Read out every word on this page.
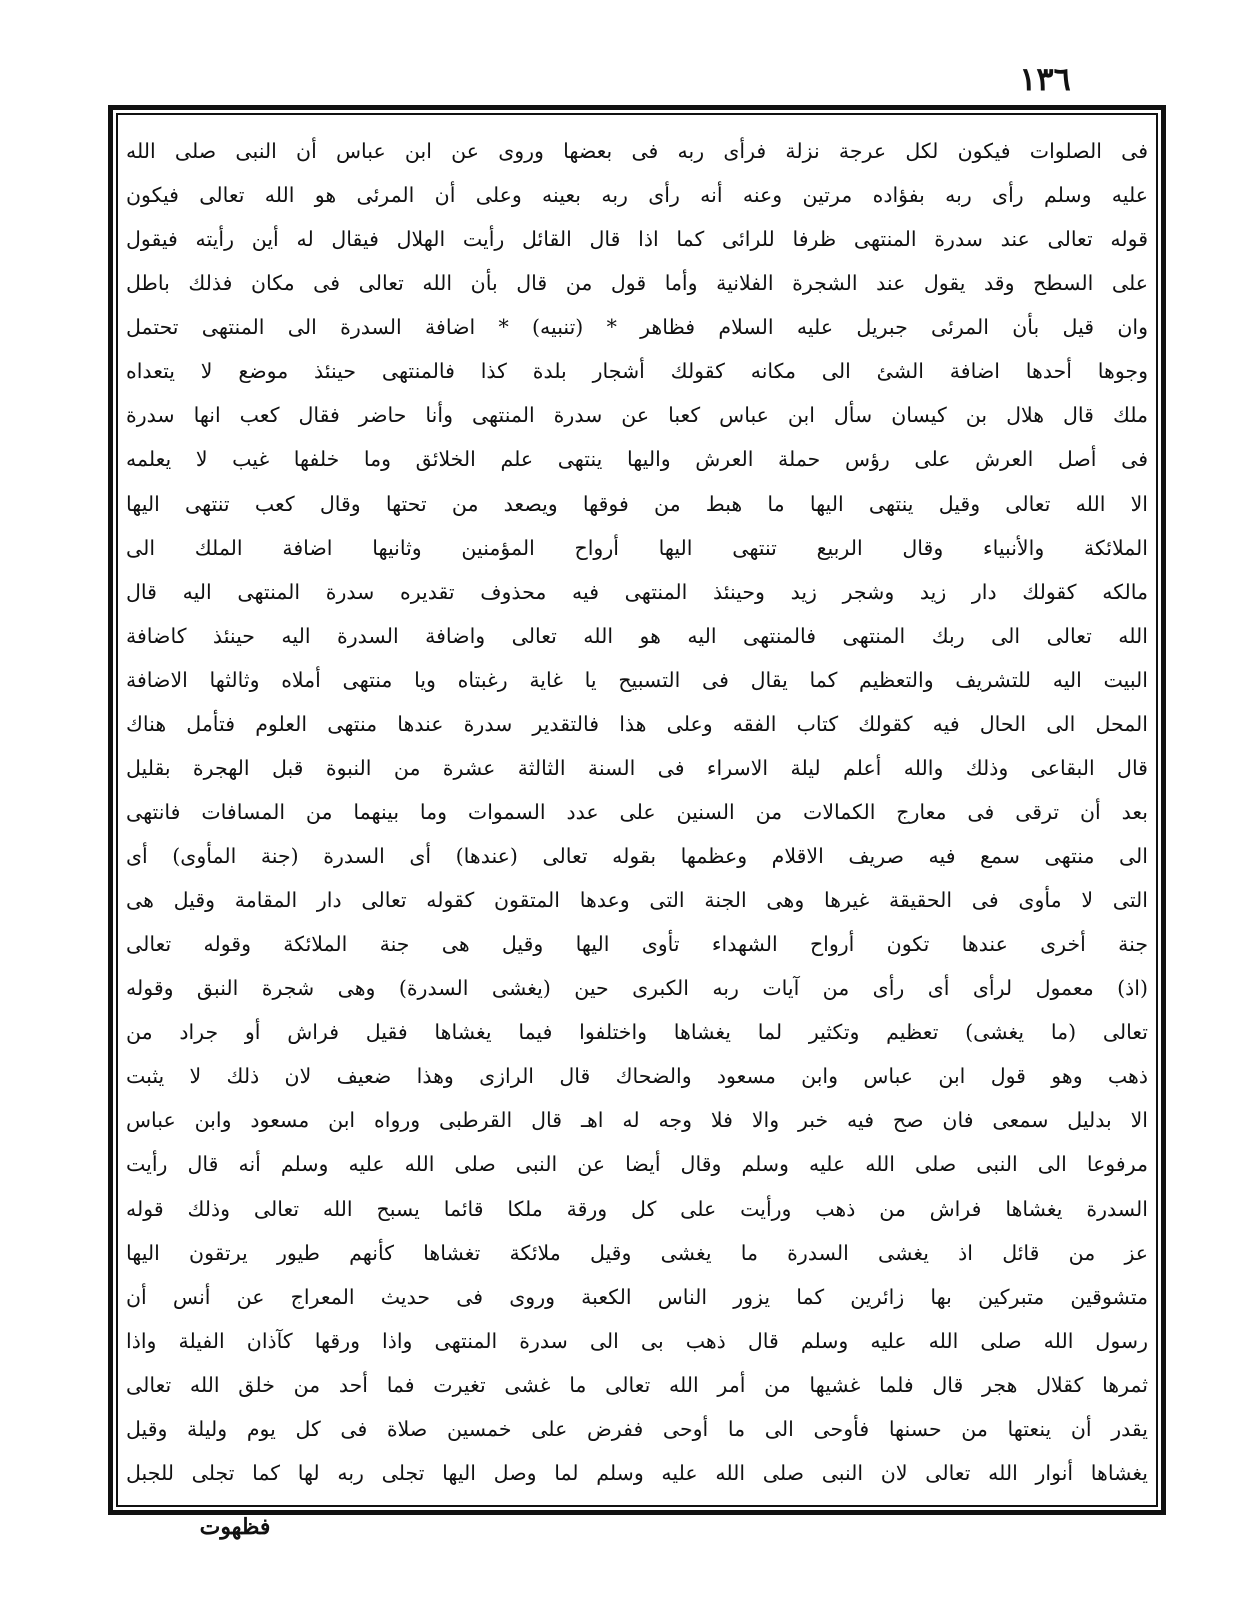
١٣٦
فى الصلوات فيكون لكل عرجة نزلة فرأى ربه فى بعضها وروى عن ابن عباس أن النبى صلى الله
عليه وسلم رأى ربه بفؤاده مرتين وعنه أنه رأى ربه بعينه وعلى أن المرئى هو الله تعالى فيكون
قوله تعالى عند سدرة المنتهى ظرفا للرائى كما اذا قال القائل رأيت الهلال فيقال له أين رأيته فيقول
على السطح وقد يقول عند الشجرة الفلانية وأما قول من قال بأن الله تعالى فى مكان فذلك باطل
وان قيل بأن المرئى جبريل عليه السلام فظاهر * (تنبيه) * اضافة السدرة الى المنتهى تحتمل
وجوها أحدها اضافة الشئ الى مكانه كقولك أشجار بلدة كذا فالمنتهى حينئذ موضع لا يتعداه
ملك قال هلال بن كيسان سأل ابن عباس كعبا عن سدرة المنتهى وأنا حاضر فقال كعب انها سدرة
فى أصل العرش على رؤس حملة العرش واليها ينتهى علم الخلائق وما خلفها غيب لا يعلمه
الا الله تعالى وقيل ينتهى اليها ما هبط من فوقها ويصعد من تحتها وقال كعب تنتهى اليها
الملائكة والأنبياء وقال الربيع تنتهى اليها أرواح المؤمنين وثانيها اضافة الملك الى
مالكه كقولك دار زيد وشجر زيد وحينئذ المنتهى فيه محذوف تقديره سدرة المنتهى اليه قال
الله تعالى الى ربك المنتهى فالمنتهى اليه هو الله تعالى واضافة السدرة اليه حينئذ كاضافة
البيت اليه للتشريف والتعظيم كما يقال فى التسبيح يا غاية رغبتاه ويا منتهى أملاه وثالثها الاضافة
المحل الى الحال فيه كقولك كتاب الفقه وعلى هذا فالتقدير سدرة عندها منتهى العلوم فتأمل هناك
قال البقاعى وذلك والله أعلم ليلة الاسراء فى السنة الثالثة عشرة من النبوة قبل الهجرة بقليل
بعد أن ترقى فى معارج الكمالات من السنين على عدد السموات وما بينهما من المسافات فانتهى
الى منتهى سمع فيه صريف الاقلام وعظمها بقوله تعالى (عندها) أى السدرة (جنة المأوى) أى
التى لا مأوى فى الحقيقة غيرها وهى الجنة التى وعدها المتقون كقوله تعالى دار المقامة وقيل هى
جنة أخرى عندها تكون أرواح الشهداء تأوى اليها وقيل هى جنة الملائكة وقوله تعالى
(اذ) معمول لرأى أى رأى من آيات ربه الكبرى حين (يغشى السدرة) وهى شجرة النبق وقوله
تعالى (ما يغشى) تعظيم وتكثير لما يغشاها واختلفوا فيما يغشاها فقيل فراش أو جراد من
ذهب وهو قول ابن عباس وابن مسعود والضحاك قال الرازى وهذا ضعيف لان ذلك لا يثبت
الا بدليل سمعى فان صح فيه خبر والا فلا وجه له اهـ قال القرطبى ورواه ابن مسعود وابن عباس
مرفوعا الى النبى صلى الله عليه وسلم وقال أيضا عن النبى صلى الله عليه وسلم أنه قال رأيت
السدرة يغشاها فراش من ذهب ورأيت على كل ورقة ملكا قائما يسبح الله تعالى وذلك قوله
عز من قائل اذ يغشى السدرة ما يغشى وقيل ملائكة تغشاها كأنهم طيور يرتقون اليها
متشوقين متبركين بها زائرين كما يزور الناس الكعبة وروى فى حديث المعراج عن أنس أن
رسول الله صلى الله عليه وسلم قال ذهب بى الى سدرة المنتهى واذا ورقها كآذان الفيلة واذا
ثمرها كقلال هجر قال فلما غشيها من أمر الله تعالى ما غشى تغيرت فما أحد من خلق الله تعالى
يقدر أن ينعتها من حسنها فأوحى الى ما أوحى ففرض على خمسين صلاة فى كل يوم وليلة وقيل
يغشاها أنوار الله تعالى لان النبى صلى الله عليه وسلم لما وصل اليها تجلى ربه لها كما تجلى للجبل
فظهوت
